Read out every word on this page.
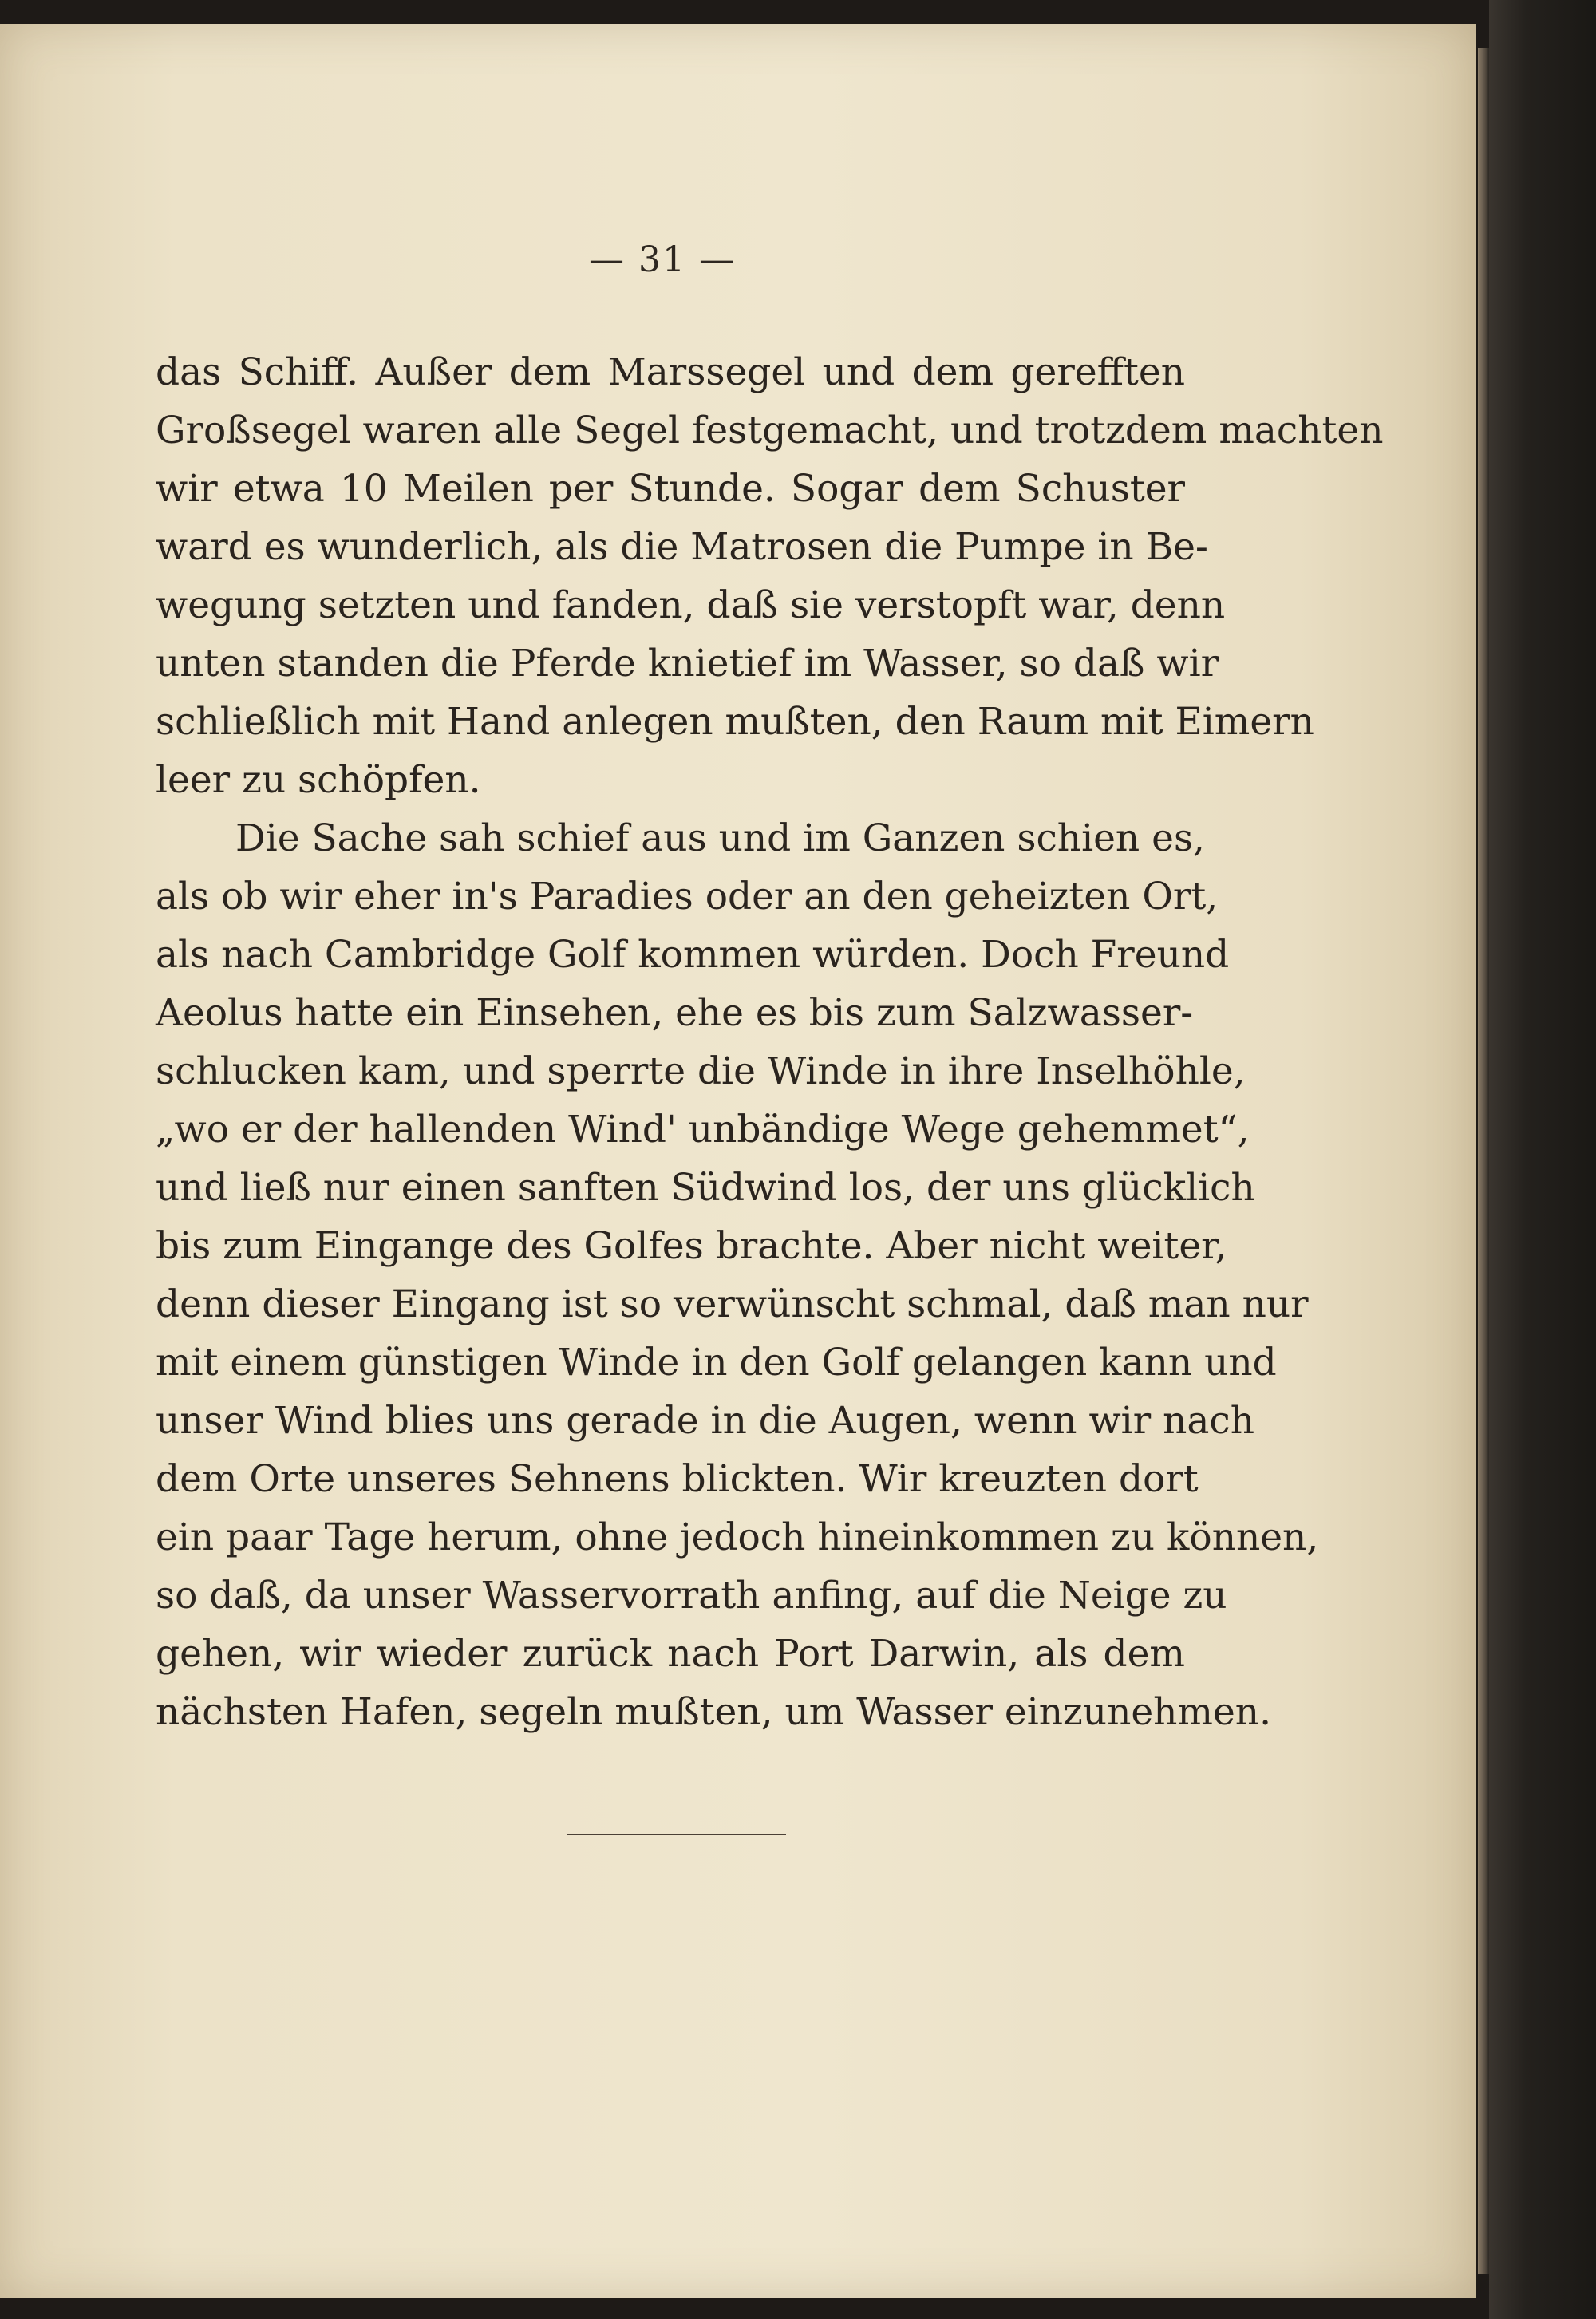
— 31 —

das Schiff. Außer dem Marssegel und dem gerefften
Großsegel waren alle Segel festgemacht, und trotzdem machten
wir etwa 10 Meilen per Stunde. Sogar dem Schuster
ward es wunderlich, als die Matrosen die Pumpe in Be-
wegung setzten und fanden, daß sie verstopft war, denn
unten standen die Pferde knietief im Wasser, so daß wir
schließlich mit Hand anlegen mußten, den Raum mit Eimern
leer zu schöpfen.

Die Sache sah schief aus und im Ganzen schien es,
als ob wir eher in's Paradies oder an den geheizten Ort,
als nach Cambridge Golf kommen würden. Doch Freund
Aeolus hatte ein Einsehen, ehe es bis zum Salzwasser-
schlucken kam, und sperrte die Winde in ihre Inselhöhle,
„wo er der hallenden Wind' unbändige Wege gehemmet“,
und ließ nur einen sanften Südwind los, der uns glücklich
bis zum Eingange des Golfes brachte. Aber nicht weiter,
denn dieser Eingang ist so verwünscht schmal, daß man nur
mit einem günstigen Winde in den Golf gelangen kann und
unser Wind blies uns gerade in die Augen, wenn wir nach
dem Orte unseres Sehnens blickten. Wir kreuzten dort
ein paar Tage herum, ohne jedoch hineinkommen zu können,
so daß, da unser Wasservorrath anfing, auf die Neige zu
gehen, wir wieder zurück nach Port Darwin, als dem
nächsten Hafen, segeln mußten, um Wasser einzunehmen.
